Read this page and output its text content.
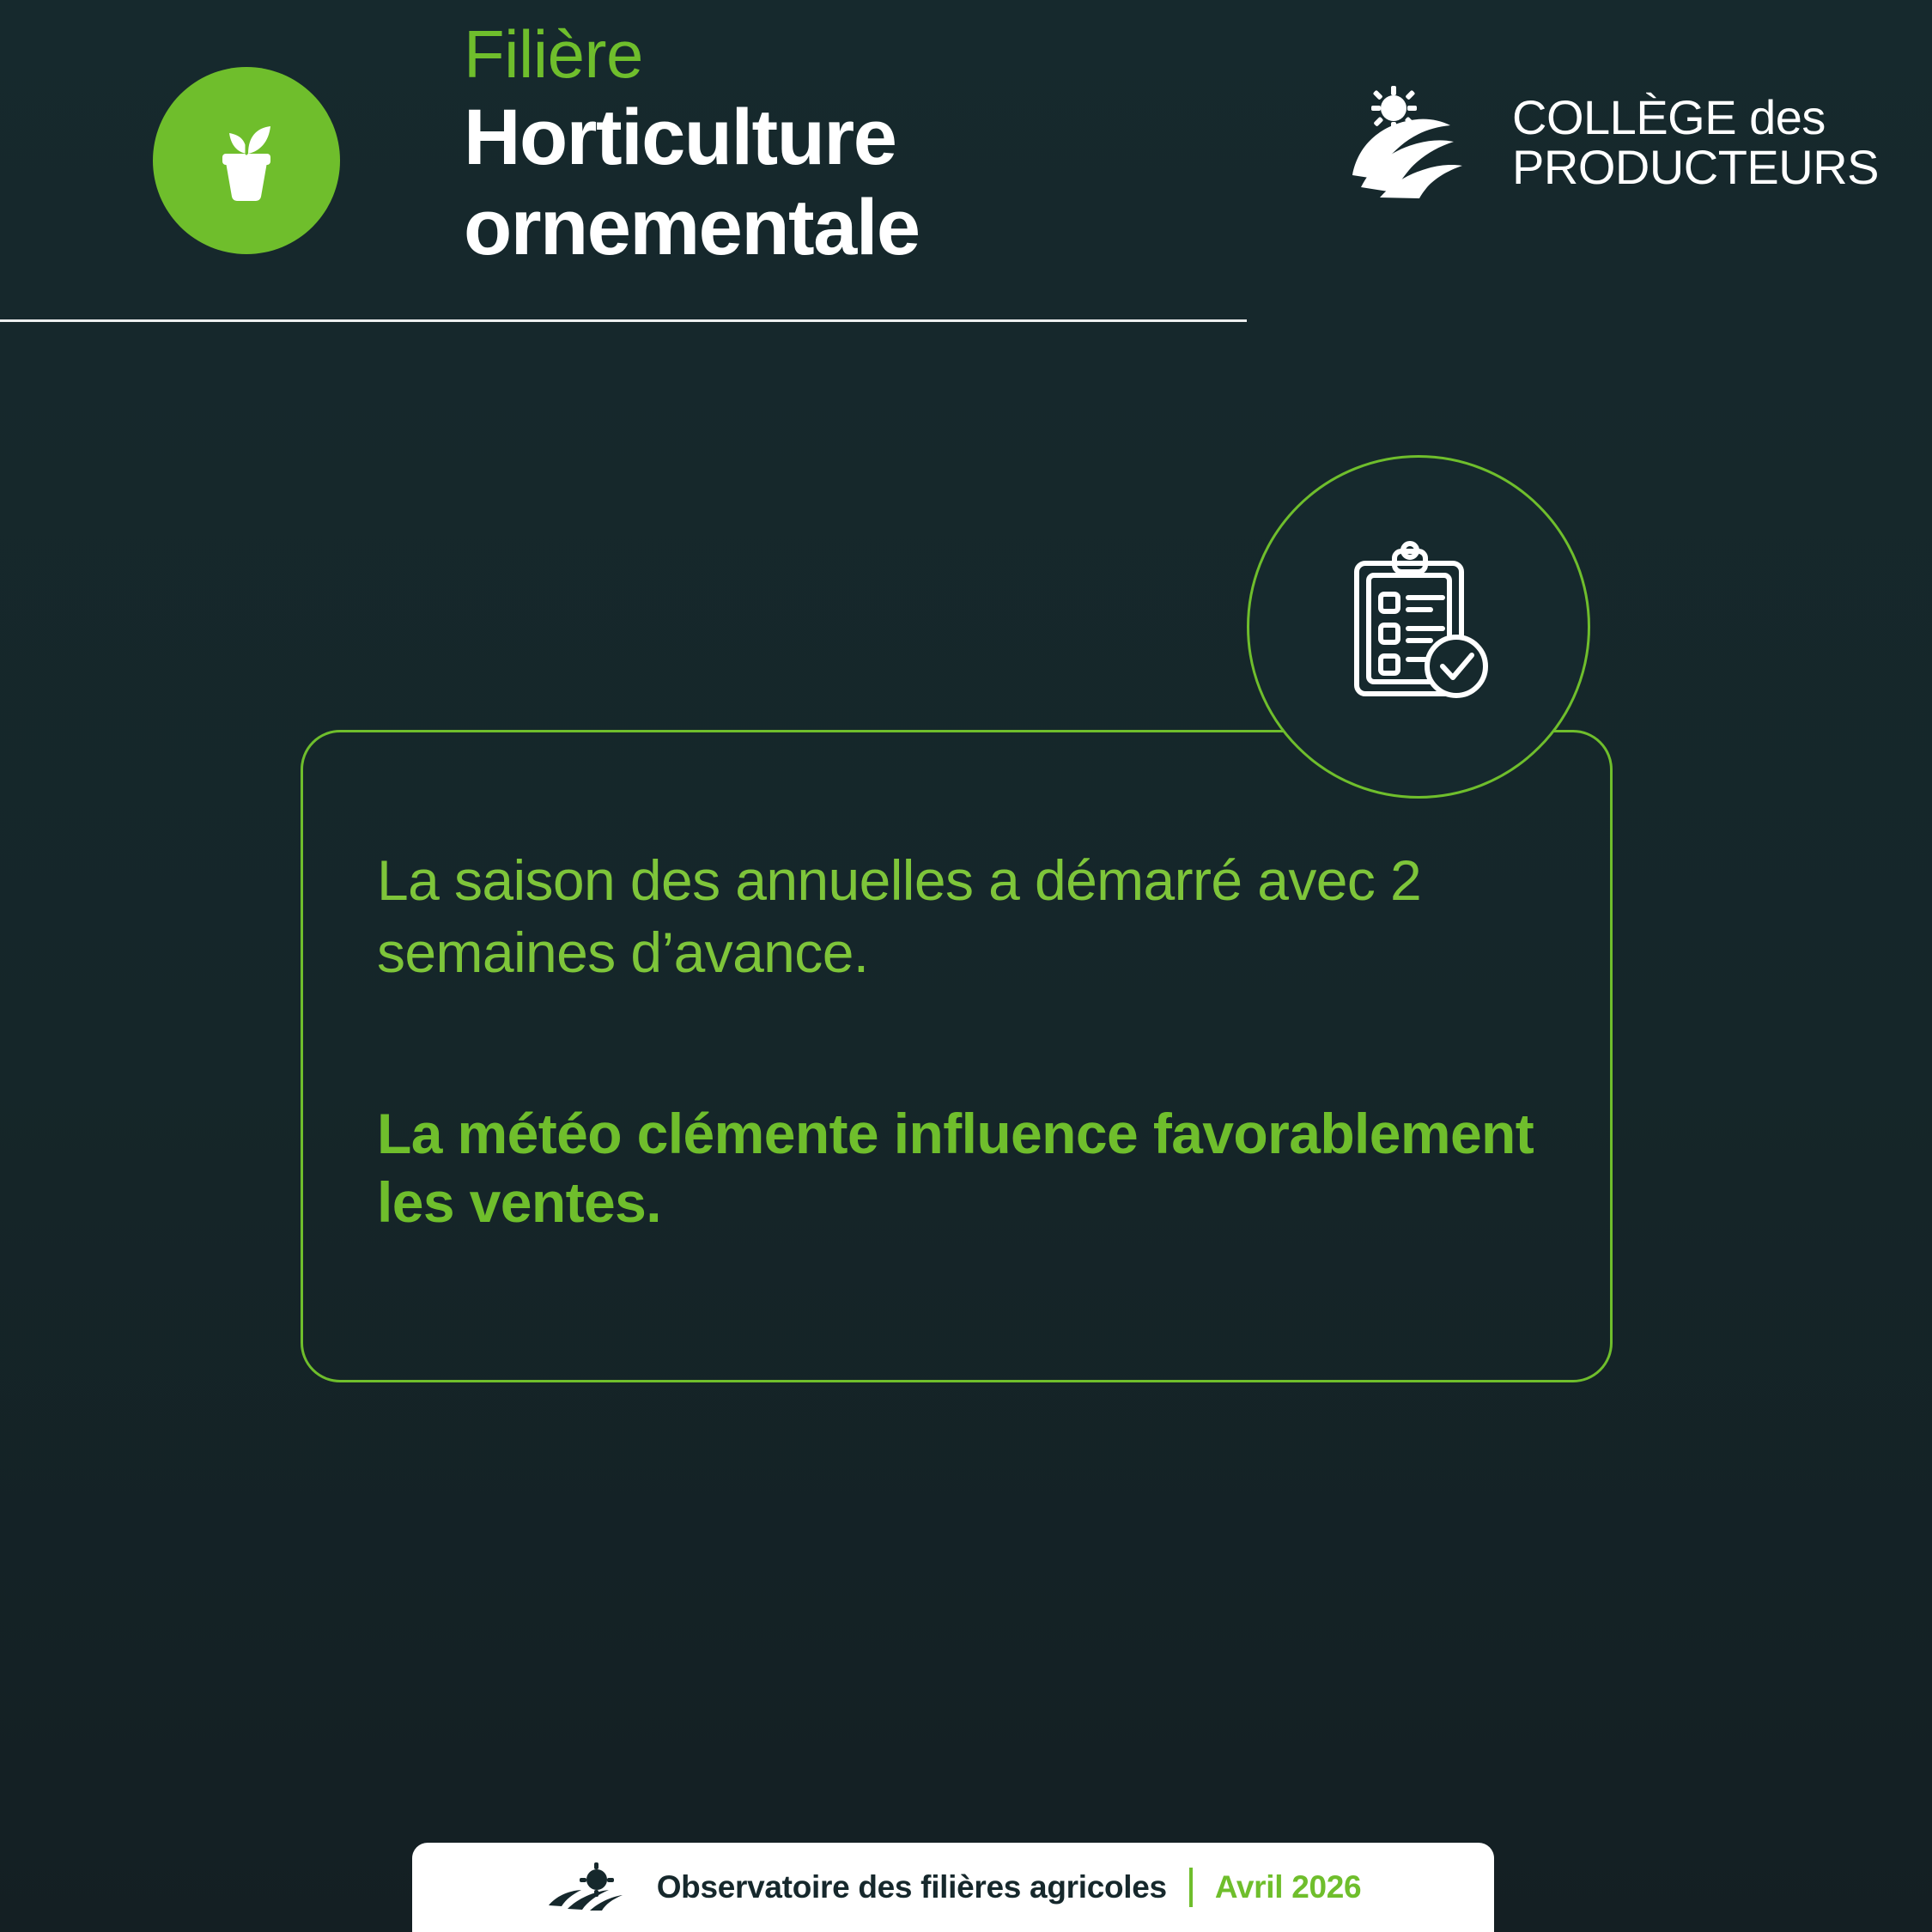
Filière
Horticulture
ornementale
COLLÈGE des
PRODUCTEURS

La saison des annuelles a démarré avec 2 semaines d’avance.

La météo clémente influence favorablement les ventes.

Observatoire des filières agricoles Avril 2026
